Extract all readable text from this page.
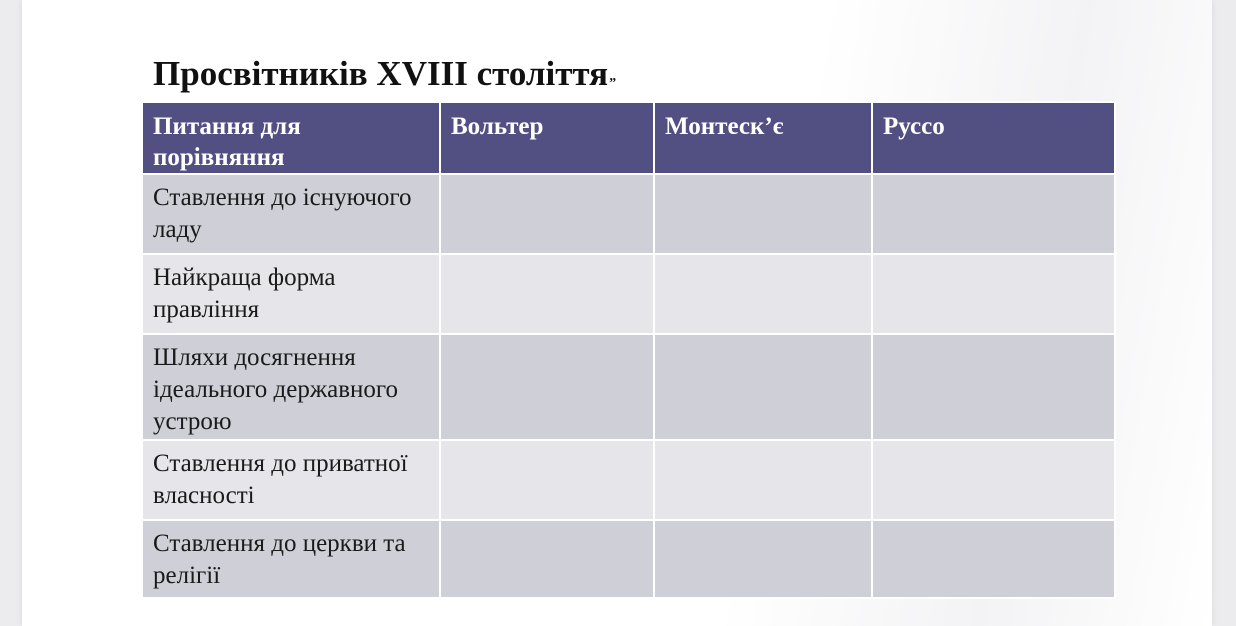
Просвітників XVIII століття”
Питання для порівняння	Вольтер	Монтеск’є	Руссо
Ставлення до існуючого ладу			
Найкраща форма правління			
Шляхи досягнення ідеального державного устрою			
Ставлення до приватної власності			
Ставлення до церкви та релігії			
